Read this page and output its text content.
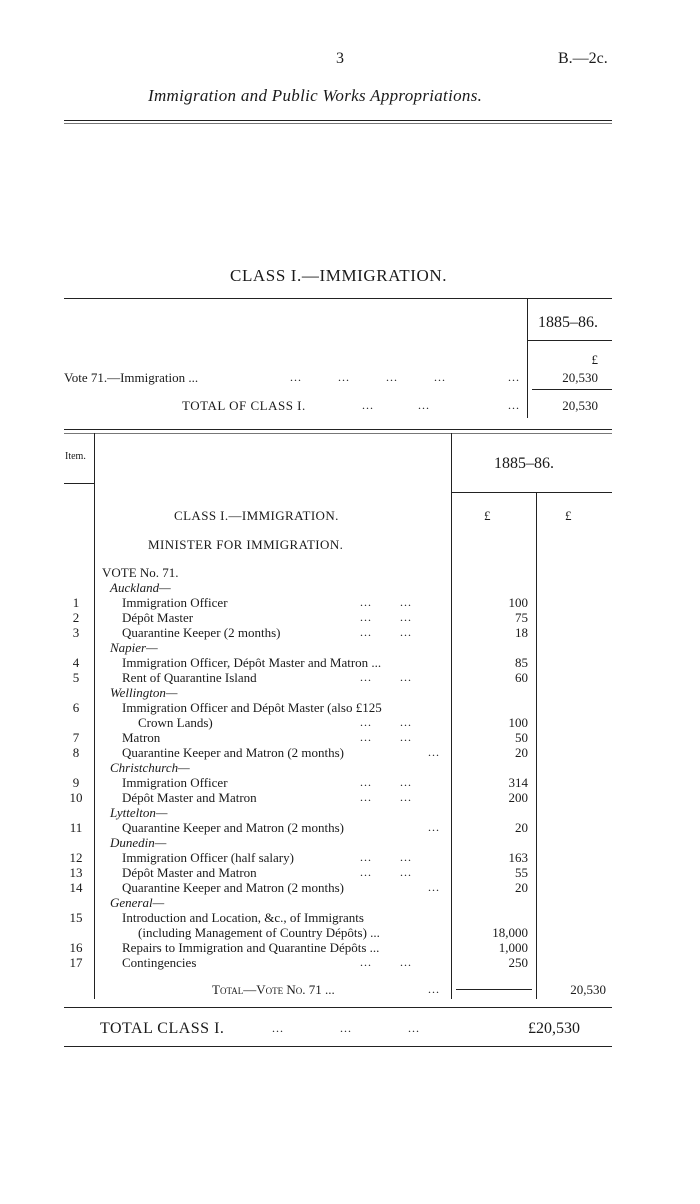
3	B.—2c.
Immigration and Public Works Appropriations.
CLASS I.—IMMIGRATION.
1885–86.
£
Vote 71.—Immigration ...	...         ...         ...         ...	...	20,530
TOTAL OF CLASS I.	...           ...	...	20,530
Item.	1885–86.
£	£
CLASS I.—IMMIGRATION.
MINISTER FOR IMMIGRATION.
VOTE No. 71.
Auckland—
1	Immigration Officer	...       ...	100
2	Dépôt Master	...       ...	75
3	Quarantine Keeper (2 months)	...       ...	18
Napier—
4	Immigration Officer, Dépôt Master and Matron ...	85
5	Rent of Quarantine Island	...       ...	60
Wellington—
6	Immigration Officer and Dépôt Master (also £125
Crown Lands)	...       ...	100
7	Matron	...       ...	50
8	Quarantine Keeper and Matron (2 months)	...	20
Christchurch—
9	Immigration Officer	...       ...	314
10	Dépôt Master and Matron	...       ...	200
Lyttelton—
11	Quarantine Keeper and Matron (2 months)	...	20
Dunedin—
12	Immigration Officer (half salary)	...       ...	163
13	Dépôt Master and Matron	...       ...	55
14	Quarantine Keeper and Matron (2 months)	...	20
General—
15	Introduction and Location, &c., of Immigrants
(including Management of Country Dépôts) ...	18,000
16	Repairs to Immigration and Quarantine Dépôts ...	1,000
17	Contingencies	...       ...	250
Total—Vote No. 71 ...	...	20,530
TOTAL CLASS I.	...              ...              ...	£20,530
